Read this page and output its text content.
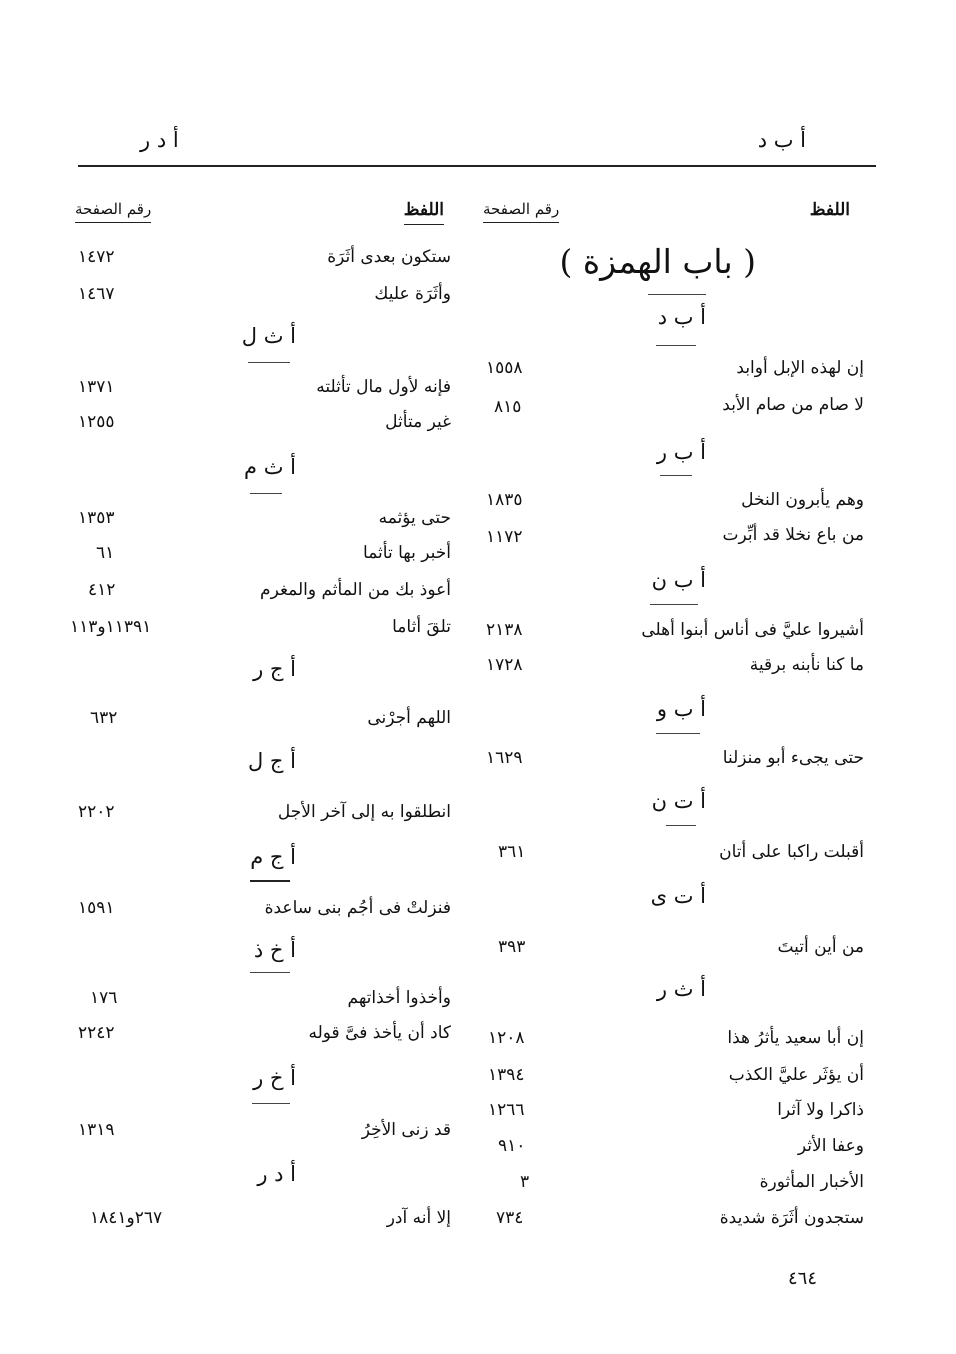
أ ب د
أ د ر
اللفظ
رقم الصفحة
اللفظ
رقم الصفحة
( باب الهمزة )
أ ب د
إن لهذه الإبل أوابد
١٥٥٨
لا صام من صام الأبد
٨١٥
أ ب ر
وهم يأبرون النخل
١٨٣٥
من باع نخلا قد أبِّرت
١١٧٢
أ ب ن
أشيروا عليَّ فى أناس أبنوا أهلى
٢١٣٨
ما كنا نأبنه برقية
١٧٢٨
أ ب و
حتى يجىء أبو منزلنا
١٦٢٩
أ ت ن
أقبلت راكبا على أتان
٣٦١
أ ت ى
من أين أتيتَ
٣٩٣
أ ث ر
إن أبا سعيد يأثرُ هذا
١٢٠٨
أن يؤثَر عليَّ الكذب
١٣٩٤
ذاكرا ولا آثرا
١٢٦٦
وعفا الأثر
٩١٠
الأخبار المأثورة
٣
ستجدون أثَرَة شديدة
٧٣٤
ستكون بعدى أثَرَة
١٤٧٢
وأثَرَة عليك
١٤٦٧
أ ث ل
فإنه لأول مال تأثلته
١٣٧١
غير متأثل
١٢٥٥
أ ث م
حتى يؤثمه
١٣٥٣
أخبر بها تأثما
٦١
أعوذ بك من المأثم والمغرم
٤١٢
تلقَ أثاما
١١٣٩١و١١٣
أ ج ر
اللهم أجرْنى
٦٣٢
أ ج ل
انطلقوا به إلى آخر الأجل
٢٢٠٢
أ ج م
فنزلتْ فى أجُم بنى ساعدة
١٥٩١
أ خ ذ
وأخذوا أخذاتهم
١٧٦
كاد أن يأخذ فىَّ قوله
٢٢٤٢
أ خ ر
قد زنى الأخِرُ
١٣١٩
أ د ر
إلا أنه آدر
٢٦٧و١٨٤١
٤٦٤
